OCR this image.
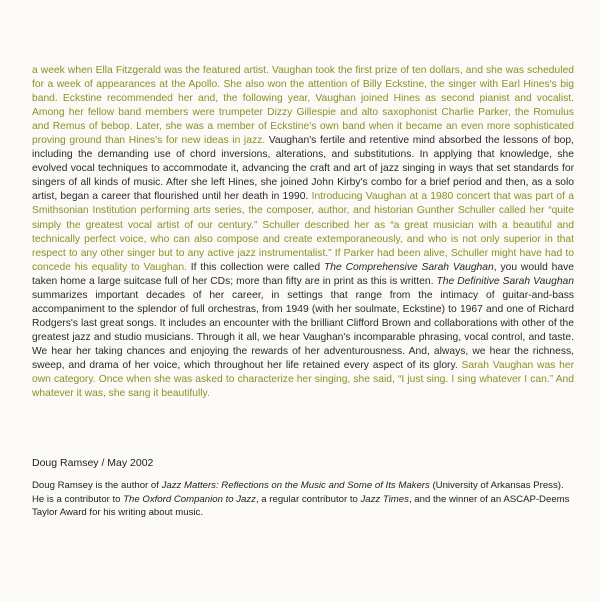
a week when Ella Fitzgerald was the featured artist. Vaughan took the first prize of ten dollars, and she was scheduled for a week of appearances at the Apollo. She also won the attention of Billy Eckstine, the singer with Earl Hines's big band. Eckstine recommended her and, the following year, Vaughan joined Hines as second pianist and vocalist. Among her fellow band members were trumpeter Dizzy Gillespie and alto saxophonist Charlie Parker, the Romulus and Remus of bebop. Later, she was a member of Eckstine's own band when it became an even more sophisticated proving ground than Hines's for new ideas in jazz. Vaughan's fertile and retentive mind absorbed the lessons of bop, including the demanding use of chord inversions, alterations, and substitutions. In applying that knowledge, she evolved vocal techniques to accommodate it, advancing the craft and art of jazz singing in ways that set standards for singers of all kinds of music. After she left Hines, she joined John Kirby's combo for a brief period and then, as a solo artist, began a career that flourished until her death in 1990. Introducing Vaughan at a 1980 concert that was part of a Smithsonian Institution performing arts series, the composer, author, and historian Gunther Schuller called her “quite simply the greatest vocal artist of our century.” Schuller described her as “a great musician with a beautiful and technically perfect voice, who can also compose and create extemporaneously, and who is not only superior in that respect to any other singer but to any active jazz instrumentalist.” If Parker had been alive, Schuller might have had to concede his equality to Vaughan. If this collection were called The Comprehensive Sarah Vaughan, you would have taken home a large suitcase full of her CDs; more than fifty are in print as this is written. The Definitive Sarah Vaughan summarizes important decades of her career, in settings that range from the intimacy of guitar-and-bass accompaniment to the splendor of full orchestras, from 1949 (with her soulmate, Eckstine) to 1967 and one of Richard Rodgers's last great songs. It includes an encounter with the brilliant Clifford Brown and collaborations with other of the greatest jazz and studio musicians. Through it all, we hear Vaughan's incomparable phrasing, vocal control, and taste. We hear her taking chances and enjoying the rewards of her adventurousness. And, always, we hear the richness, sweep, and drama of her voice, which throughout her life retained every aspect of its glory. Sarah Vaughan was her own category. Once when she was asked to characterize her singing, she said, “I just sing. I sing whatever I can.” And whatever it was, she sang it beautifully.

Doug Ramsey / May 2002

Doug Ramsey is the author of Jazz Matters: Reflections on the Music and Some of Its Makers (University of Arkansas Press). He is a contributor to The Oxford Companion to Jazz, a regular contributor to Jazz Times, and the winner of an ASCAP-Deems Taylor Award for his writing about music.
